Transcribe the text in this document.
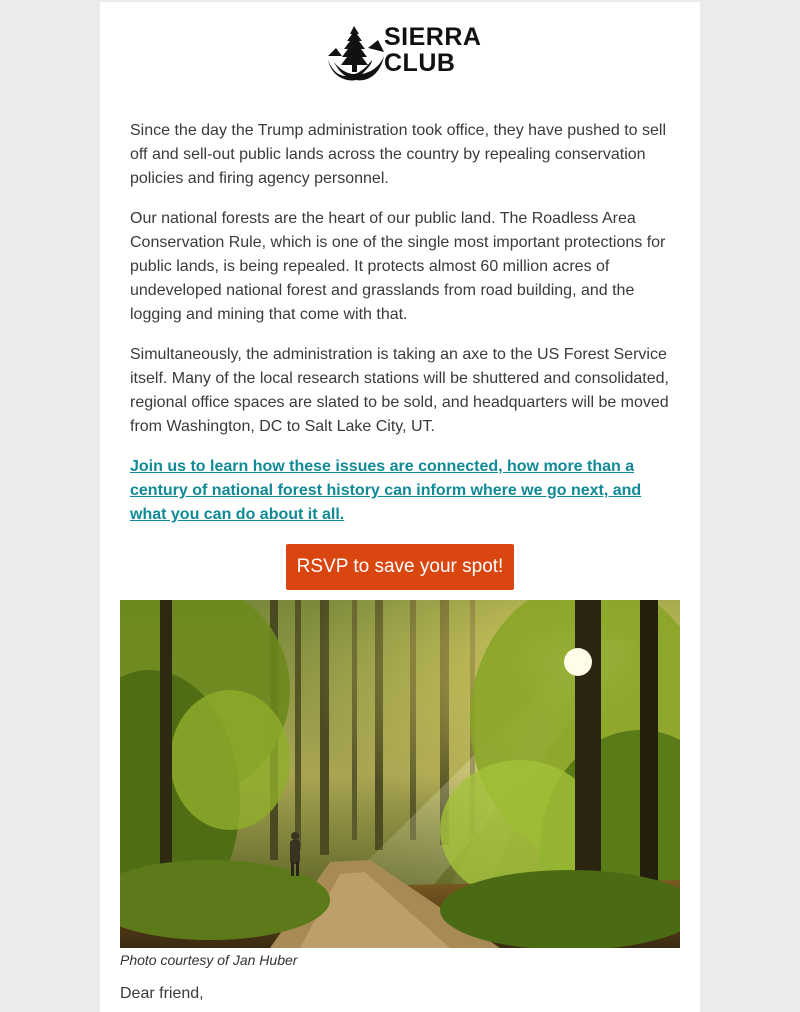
SIERRA
CLUB

Since the day the Trump administration took office, they have pushed to sell off and sell-out public lands across the country by repealing conservation policies and firing agency personnel.

Our national forests are the heart of our public land. The Roadless Area Conservation Rule, which is one of the single most important protections for public lands, is being repealed. It protects almost 60 million acres of undeveloped national forest and grasslands from road building, and the logging and mining that come with that.

Simultaneously, the administration is taking an axe to the US Forest Service itself. Many of the local research stations will be shuttered and consolidated, regional office spaces are slated to be sold, and headquarters will be moved from Washington, DC to Salt Lake City, UT.

Join us to learn how these issues are connected, how more than a century of national forest history can inform where we go next, and what you can do about it all.
RSVP to save your spot!
Photo courtesy of Jan Huber
Dear friend,
